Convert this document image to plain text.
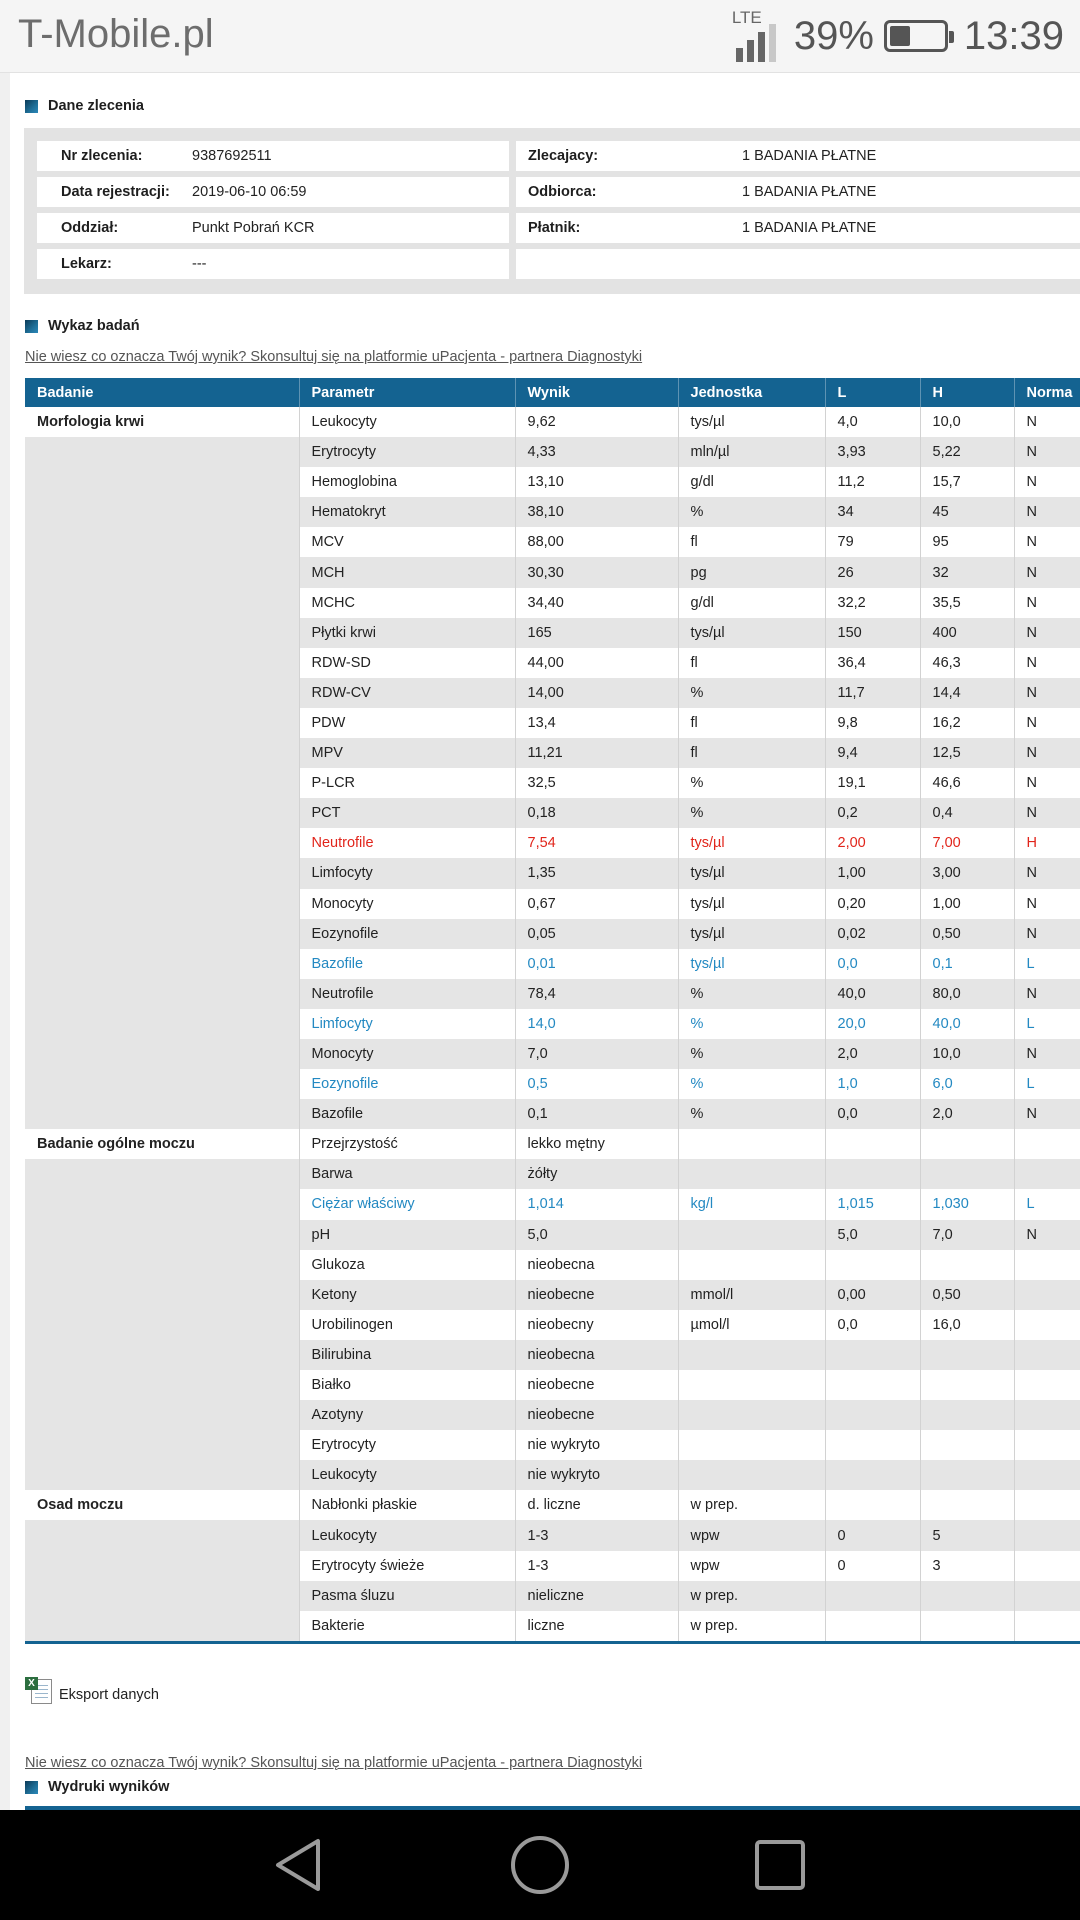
T-Mobile.pl	LTE 39% 13:39
Dane zlecenia
Nr zlecenia:	9387692511
Data rejestracji: 2019-06-10 06:59
Oddział:	Punkt Pobrań KCR
Lekarz:	---
Zlecajacy:	1 BADANIA PŁATNE
Odbiorca:	1 BADANIA PŁATNE
Płatnik:	1 BADANIA PŁATNE
Wykaz badań
Nie wiesz co oznacza Twój wynik? Skonsultuj się na platformie uPacjenta - partnera Diagnostyki
Badanie	Parametr	Wynik	Jednostka	L	H	Norma
Morfologia krwi	Leukocyty	9,62	tys/µl	4,0	10,0	N
	Erytrocyty	4,33	mln/µl	3,93	5,22	N
	Hemoglobina	13,10	g/dl	11,2	15,7	N
	Hematokryt	38,10	%	34	45	N
	MCV	88,00	fl	79	95	N
	MCH	30,30	pg	26	32	N
	MCHC	34,40	g/dl	32,2	35,5	N
	Płytki krwi	165	tys/µl	150	400	N
	RDW-SD	44,00	fl	36,4	46,3	N
	RDW-CV	14,00	%	11,7	14,4	N
	PDW	13,4	fl	9,8	16,2	N
	MPV	11,21	fl	9,4	12,5	N
	P-LCR	32,5	%	19,1	46,6	N
	PCT	0,18	%	0,2	0,4	N
	Neutrofile	7,54	tys/µl	2,00	7,00	H
	Limfocyty	1,35	tys/µl	1,00	3,00	N
	Monocyty	0,67	tys/µl	0,20	1,00	N
	Eozynofile	0,05	tys/µl	0,02	0,50	N
	Bazofile	0,01	tys/µl	0,0	0,1	L
	Neutrofile	78,4	%	40,0	80,0	N
	Limfocyty	14,0	%	20,0	40,0	L
	Monocyty	7,0	%	2,0	10,0	N
	Eozynofile	0,5	%	1,0	6,0	L
	Bazofile	0,1	%	0,0	2,0	N
Badanie ogólne moczu	Przejrzystość	lekko mętny				
	Barwa	żółty				
	Ciężar właściwy	1,014	kg/l	1,015	1,030	L
	pH	5,0		5,0	7,0	N
	Glukoza	nieobecna				
	Ketony	nieobecne	mmol/l	0,00	0,50	
	Urobilinogen	nieobecny	µmol/l	0,0	16,0	
	Bilirubina	nieobecna				
	Białko	nieobecne				
	Azotyny	nieobecne				
	Erytrocyty	nie wykryto				
	Leukocyty	nie wykryto				
Osad moczu	Nabłonki płaskie	d. liczne	w prep.			
	Leukocyty	1-3	wpw	0	5	
	Erytrocyty świeże	1-3	wpw	0	3	
	Pasma śluzu	nieliczne	w prep.			
	Bakterie	liczne	w prep.			
X
Eksport danych
Nie wiesz co oznacza Twój wynik? Skonsultuj się na platformie uPacjenta - partnera Diagnostyki
Wydruki wyników
